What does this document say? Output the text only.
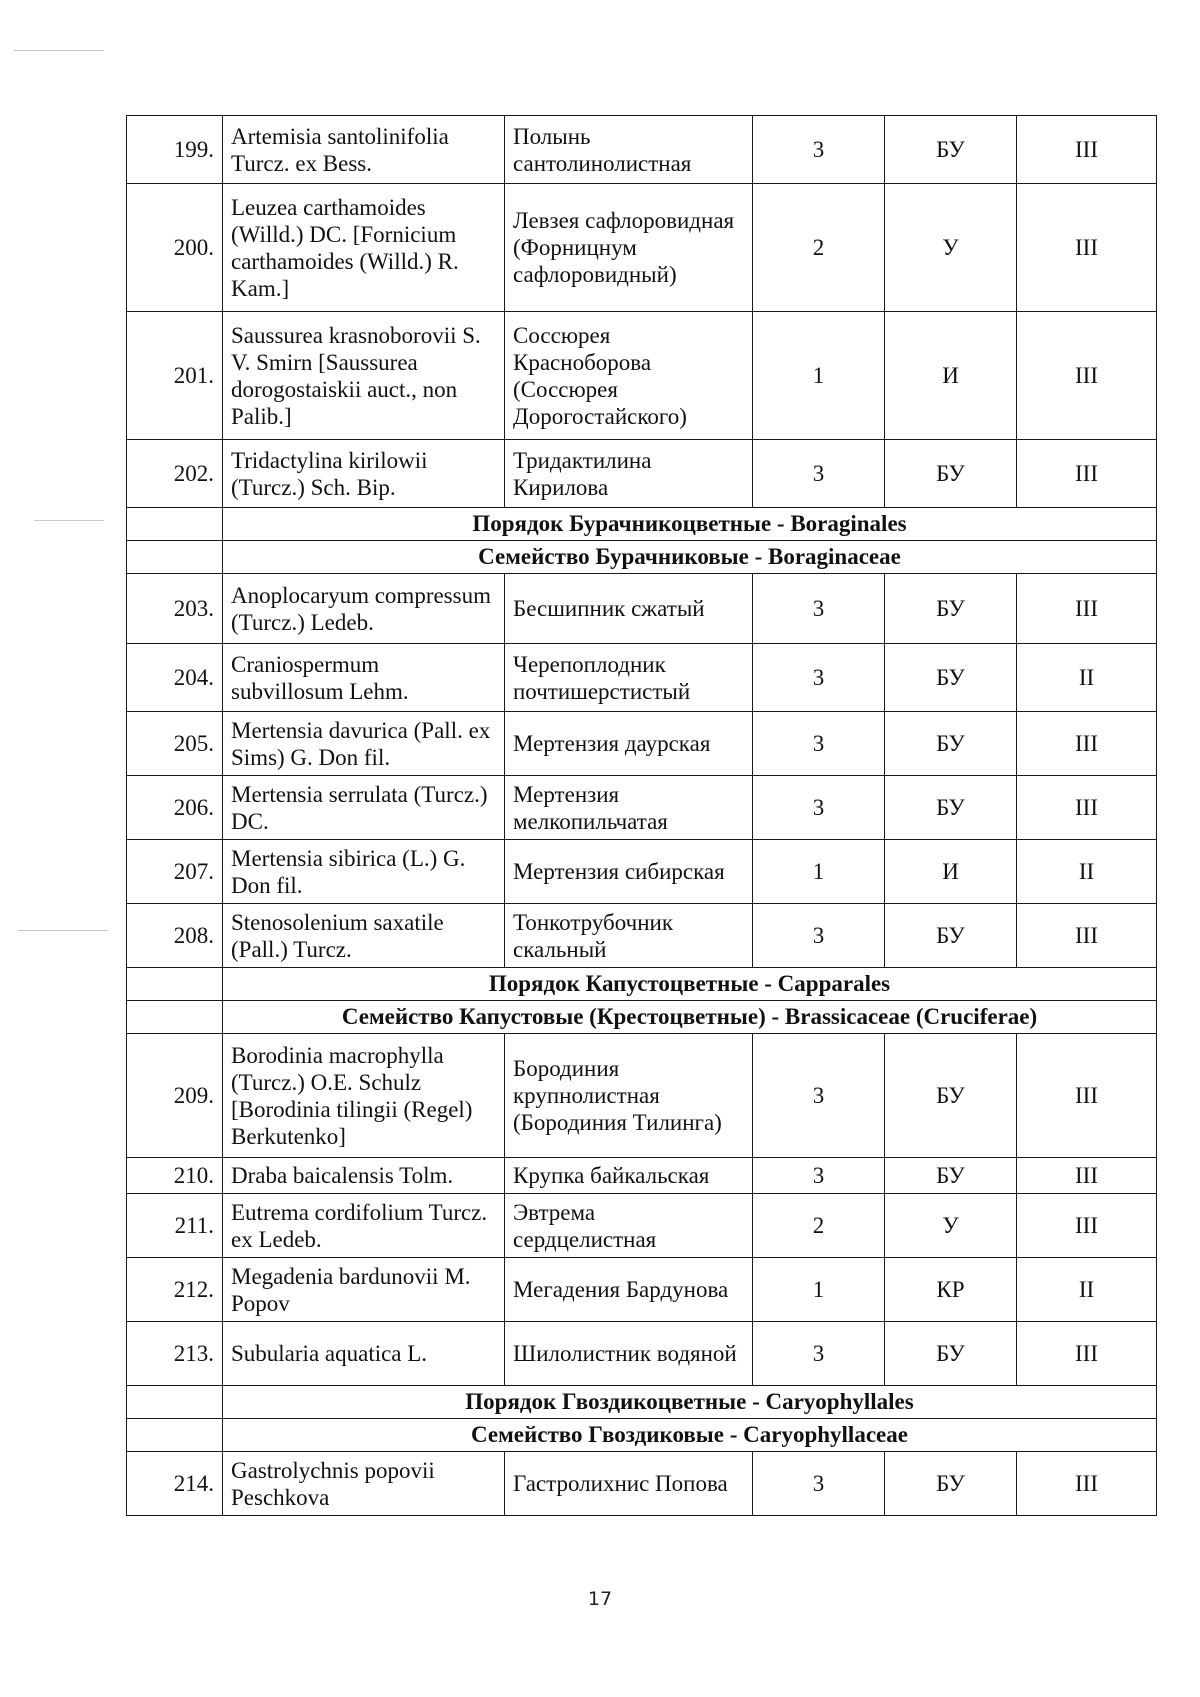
199.	Artemisia santolinifolia Turcz. ex Bess.	Полынь сантолинолистная	3	БУ	III
200.	Leuzea carthamoides (Willd.) DC. [Fornicium carthamoides (Willd.) R. Kam.]	Левзея сафлоровидная (Форницнум сафлоровидный)	2	У	III
201.	Saussurea krasnoborovii S. V. Smirn [Saussurea dorogostaiskii auct., non Palib.]	Соссюрея Красноборова (Соссюрея Дорогостайского)	1	И	III
202.	Tridactylina kirilowii (Turcz.) Sch. Bip.	Тридактилина Кирилова	3	БУ	III
	Порядок Бурачникоцветные - Boraginales				
	Семейство Бурачниковые - Boraginaceae				
203.	Anoplocaryum compressum (Turcz.) Ledeb.	Бесшипник сжатый	3	БУ	III
204.	Craniospermum subvillosum Lehm.	Черепоплодник почтишерстистый	3	БУ	II
205.	Mertensia davurica (Pall. ex Sims) G. Don fil.	Мертензия даурская	3	БУ	III
206.	Mertensia serrulata (Turcz.) DC.	Мертензия мелкопильчатая	3	БУ	III
207.	Mertensia sibirica (L.) G. Don fil.	Мертензия сибирская	1	И	II
208.	Stenosolenium saxatile (Pall.) Turcz.	Тонкотрубочник скальный	3	БУ	III
	Порядок Капустоцветные - Capparales				
	Семейство Капустовые (Крестоцветные) - Brassicaceae (Cruciferae)				
209.	Borodinia macrophylla (Turcz.) O.E. Schulz [Borodinia tilingii (Regel) Berkutenko]	Бородиния крупнолистная (Бородиния Тилинга)	3	БУ	III
210.	Draba baicalensis Tolm.	Крупка байкальская	3	БУ	III
211.	Eutrema cordifolium Turcz. ex Ledeb.	Эвтрема сердцелистная	2	У	III
212.	Megadenia bardunovii M. Popov	Мегадения Бардунова	1	КР	II
213.	Subularia aquatica L.	Шилолистник водяной	3	БУ	III
	Порядок Гвоздикоцветные - Caryophyllales				
	Семейство Гвоздиковые - Caryophyllaceae				
214.	Gastrolychnis popovii Peschkova	Гастролихнис Попова	3	БУ	III
17
